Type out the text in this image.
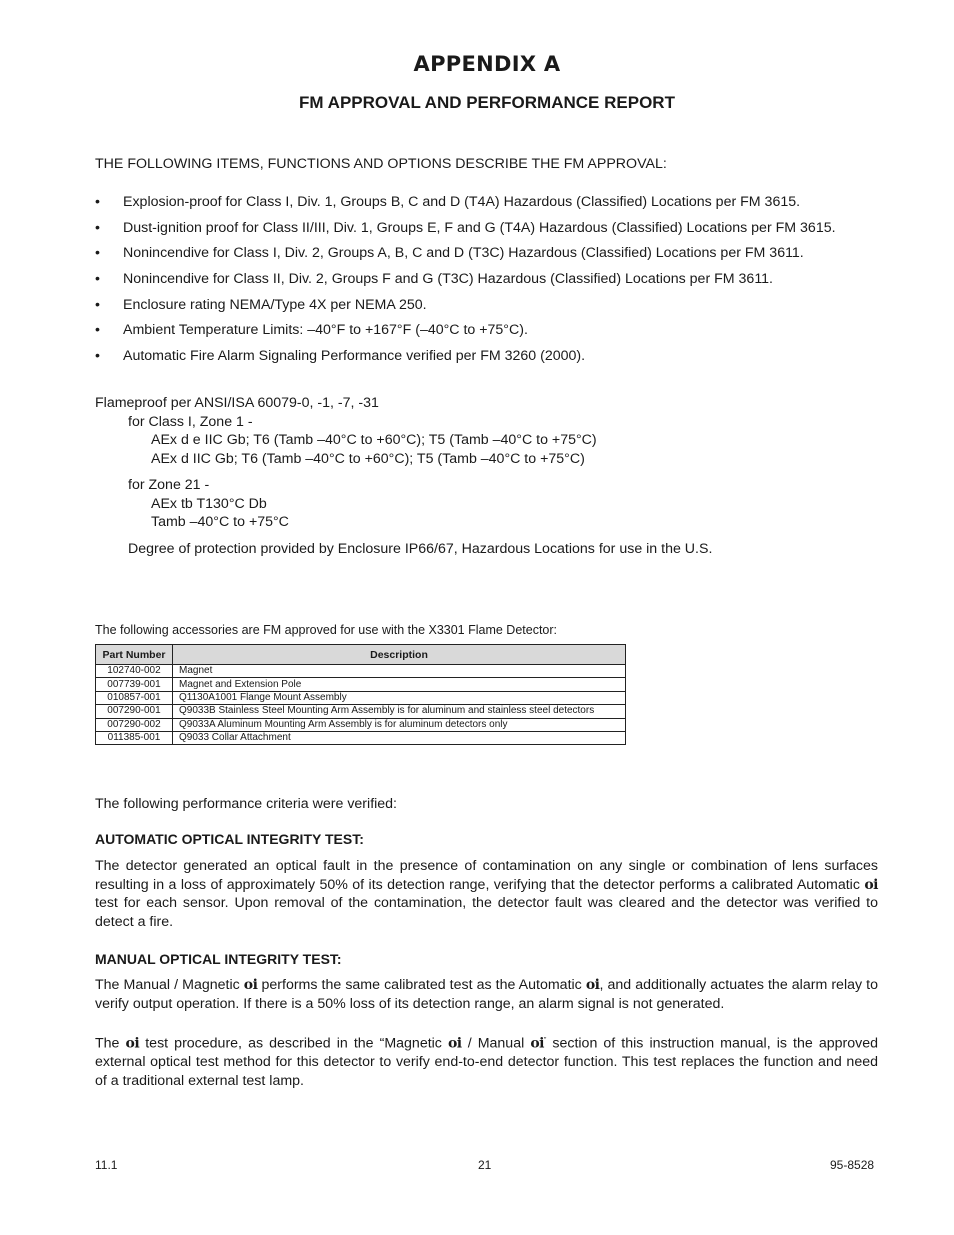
APPENDIX A
FM APPROVAL AND PERFORMANCE REPORT
THE FOLLOWING ITEMS, FUNCTIONS AND OPTIONS DESCRIBE THE FM APPROVAL:
• Explosion-proof for Class I, Div. 1, Groups B, C and D (T4A) Hazardous (Classified) Locations per FM 3615.
• Dust-ignition proof for Class II/III, Div. 1, Groups E, F and G (T4A) Hazardous (Classified) Locations per FM 3615.
• Nonincendive for Class I, Div. 2, Groups A, B, C and D (T3C) Hazardous (Classified) Locations per FM 3611.
• Nonincendive for Class II, Div. 2, Groups F and G (T3C) Hazardous (Classified) Locations per FM 3611.
• Enclosure rating NEMA/Type 4X per NEMA 250.
• Ambient Temperature Limits: –40°F to +167°F (–40°C to +75°C).
• Automatic Fire Alarm Signaling Performance verified per FM 3260 (2000).
Flameproof per ANSI/ISA 60079-0, -1, -7, -31
for Class I, Zone 1 -
AEx d e IIC Gb; T6 (Tamb –40°C to +60°C); T5 (Tamb –40°C to +75°C)
AEx d IIC Gb; T6 (Tamb –40°C to +60°C); T5 (Tamb –40°C to +75°C)
for Zone 21 -
AEx tb T130°C Db
Tamb –40°C to +75°C
Degree of protection provided by Enclosure IP66/67, Hazardous Locations for use in the U.S.
The following accessories are FM approved for use with the X3301 Flame Detector:
Part Number	Description
102740-002	Magnet
007739-001	Magnet and Extension Pole
010857-001	Q1130A1001 Flange Mount Assembly
007290-001	Q9033B Stainless Steel Mounting Arm Assembly is for aluminum and stainless steel detectors
007290-002	Q9033A Aluminum Mounting Arm Assembly is for aluminum detectors only
011385-001	Q9033 Collar Attachment
The following performance criteria were verified:
AUTOMATIC OPTICAL INTEGRITY TEST:
The detector generated an optical fault in the presence of contamination on any single or combination of lens surfaces resulting in a loss of approximately 50% of its detection range, verifying that the detector performs a calibrated Automatic oi test for each sensor. Upon removal of the contamination, the detector fault was cleared and the detector was verified to detect a fire.
MANUAL OPTICAL INTEGRITY TEST:
The Manual / Magnetic oi performs the same calibrated test as the Automatic oi, and additionally actuates the alarm relay to verify output operation. If there is a 50% loss of its detection range, an alarm signal is not generated.
The oi test procedure, as described in the “Magnetic oi / Manual oi” section of this instruction manual, is the approved external optical test method for this detector to verify end-to-end detector function. This test replaces the function and need of a traditional external test lamp.
11.1	21	95-8528
